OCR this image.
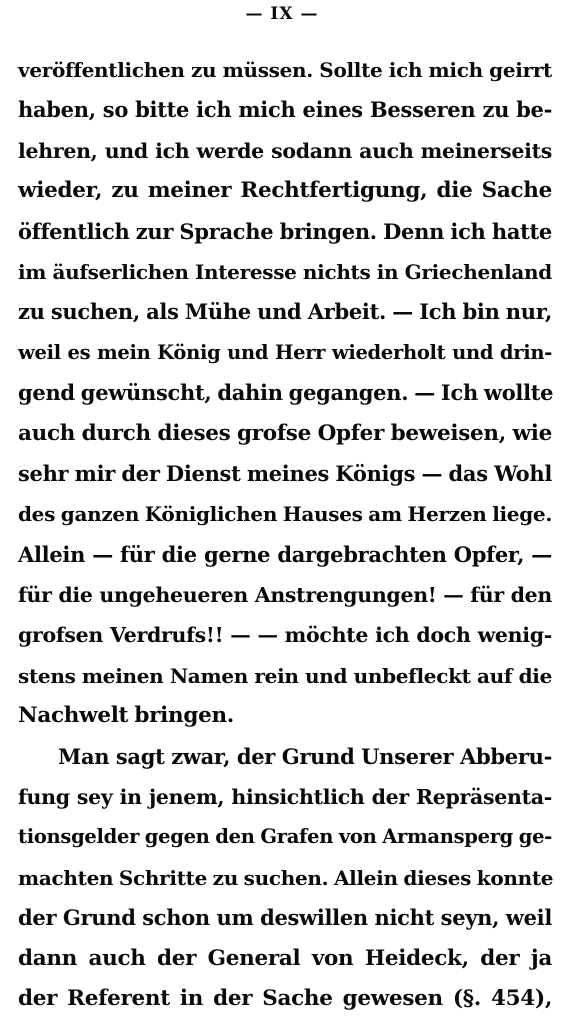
— IX —
veröffentlichen zu müssen. Sollte ich mich geirrt
haben, so bitte ich mich eines Besseren zu be-
lehren, und ich werde sodann auch meinerseits
wieder, zu meiner Rechtfertigung, die Sache
öffentlich zur Sprache bringen. Denn ich hatte
im äufserlichen Interesse nichts in Griechenland
zu suchen, als Mühe und Arbeit. — Ich bin nur,
weil es mein König und Herr wiederholt und drin-
gend gewünscht, dahin gegangen. — Ich wollte
auch durch dieses grofse Opfer beweisen, wie
sehr mir der Dienst meines Königs — das Wohl
des ganzen Königlichen Hauses am Herzen liege.
Allein — für die gerne dargebrachten Opfer, —
für die ungeheueren Anstrengungen! — für den
grofsen Verdrufs!! — — möchte ich doch wenig-
stens meinen Namen rein und unbefleckt auf die
Nachwelt bringen.
Man sagt zwar, der Grund Unserer Abberu-
fung sey in jenem, hinsichtlich der Repräsenta-
tionsgelder gegen den Grafen von Armansperg ge-
machten Schritte zu suchen. Allein dieses konnte
der Grund schon um deswillen nicht seyn, weil
dann auch der General von Heideck, der ja
der Referent in der Sache gewesen (§. 454),
